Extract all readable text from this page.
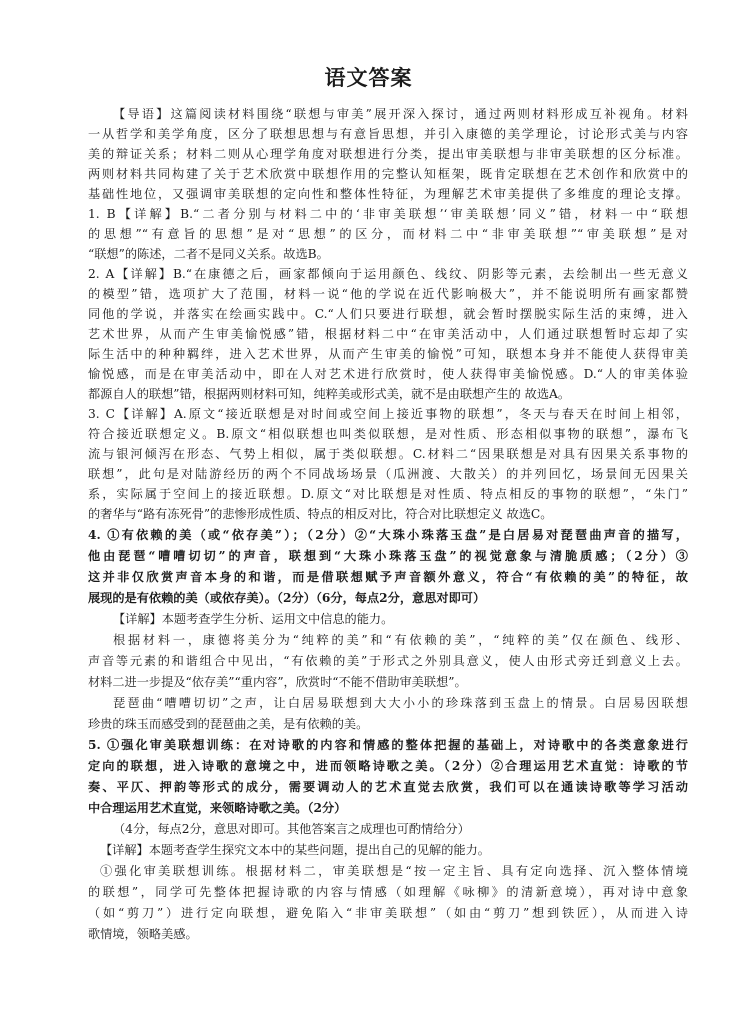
语文答案
【导语】这篇阅读材料围绕“联想与审美”展开深入探讨，通过两则材料形成互补视角。材料
一从哲学和美学角度，区分了联想思想与有意旨思想，并引入康德的美学理论，讨论形式美与内容
美的辩证关系；材料二则从心理学角度对联想进行分类，提出审美联想与非审美联想的区分标准。
两则材料共同构建了关于艺术欣赏中联想作用的完整认知框架，既肯定联想在艺术创作和欣赏中的
基础性地位，又强调审美联想的定向性和整体性特征，为理解艺术审美提供了多维度的理论支撑。
1. B【详解】B.“二者分别与材料二中的‘非审美联想’‘审美联想’同义”错，材料一中“联想
的思想”“有意旨的思想”是对“思想”的区分，而材料二中“非审美联想”“审美联想”是对
“联想”的陈述，二者不是同义关系。故选B。
2. A【详解】B.“在康德之后，画家都倾向于运用颜色、线纹、阴影等元素，去绘制出一些无意义
的模型”错，选项扩大了范围，材料一说“他的学说在近代影响极大”，并不能说明所有画家都赞
同他的学说，并落实在绘画实践中。C.“人们只要进行联想，就会暂时摆脱实际生活的束缚，进入
艺术世界，从而产生审美愉悦感”错，根据材料二中“在审美活动中，人们通过联想暂时忘却了实
际生活中的种种羁绊，进入艺术世界，从而产生审美的愉悦”可知，联想本身并不能使人获得审美
愉悦感，而是在审美活动中，即在人对艺术进行欣赏时，使人获得审美愉悦感。D.“人的审美体验
都源自人的联想”错，根据两则材料可知，纯粹美或形式美，就不是由联想产生的 故选A。
3. C【详解】A.原文“接近联想是对时间或空间上接近事物的联想”，冬天与春天在时间上相邻，
符合接近联想定义。B.原文“相似联想也叫类似联想，是对性质、形态相似事物的联想”，瀑布飞
流与银河倾泻在形态、气势上相似，属于类似联想。C.材料二“因果联想是对具有因果关系事物的
联想”，此句是对陆游经历的两个不同战场场景（瓜洲渡、大散关）的并列回忆，场景间无因果关
系，实际属于空间上的接近联想。D.原文“对比联想是对性质、特点相反的事物的联想”，“朱门”
的奢华与“路有冻死骨”的悲惨形成性质、特点的相反对比，符合对比联想定义 故选C。
4. ①有依赖的美（或“依存美”）；（2分）②“大珠小珠落玉盘”是白居易对琵琶曲声音的描写，
他由琵琶“嘈嘈切切”的声音，联想到“大珠小珠落玉盘”的视觉意象与清脆质感；（2分）③
这并非仅欣赏声音本身的和谐，而是借联想赋予声音额外意义，符合“有依赖的美”的特征，故
展现的是有依赖的美（或依存美）。（2分）（6分，每点2分，意思对即可）
【详解】本题考查学生分析、运用文中信息的能力。
根据材料一，康德将美分为“纯粹的美”和“有依赖的美”，“纯粹的美”仅在颜色、线形、
声音等元素的和谐组合中见出，“有依赖的美”于形式之外别具意义，使人由形式旁迁到意义上去。
材料二进一步提及“依存美”“重内容”，欣赏时“不能不借助审美联想”。
琵琶曲“嘈嘈切切”之声，让白居易联想到大大小小的珍珠落到玉盘上的情景。白居易因联想
珍贵的珠玉而感受到的琵琶曲之美，是有依赖的美。
5. ①强化审美联想训练：在对诗歌的内容和情感的整体把握的基础上，对诗歌中的各类意象进行
定向的联想，进入诗歌的意境之中，进而领略诗歌之美。（2分）②合理运用艺术直觉：诗歌的节
奏、平仄、押韵等形式的成分，需要调动人的艺术直觉去欣赏，我们可以在通读诗歌等学习活动
中合理运用艺术直觉，来领略诗歌之美。（2分）
（4分，每点2分，意思对即可。其他答案言之成理也可酌情给分）
【详解】本题考查学生探究文本中的某些问题，提出自己的见解的能力。
①强化审美联想训练。根据材料二，审美联想是“按一定主旨、具有定向选择、沉入整体情境
的联想”，同学可先整体把握诗歌的内容与情感（如理解《咏柳》的清新意境），再对诗中意象
（如“剪刀”）进行定向联想，避免陷入“非审美联想”（如由“剪刀”想到铁匠），从而进入诗
歌情境，领略美感。
